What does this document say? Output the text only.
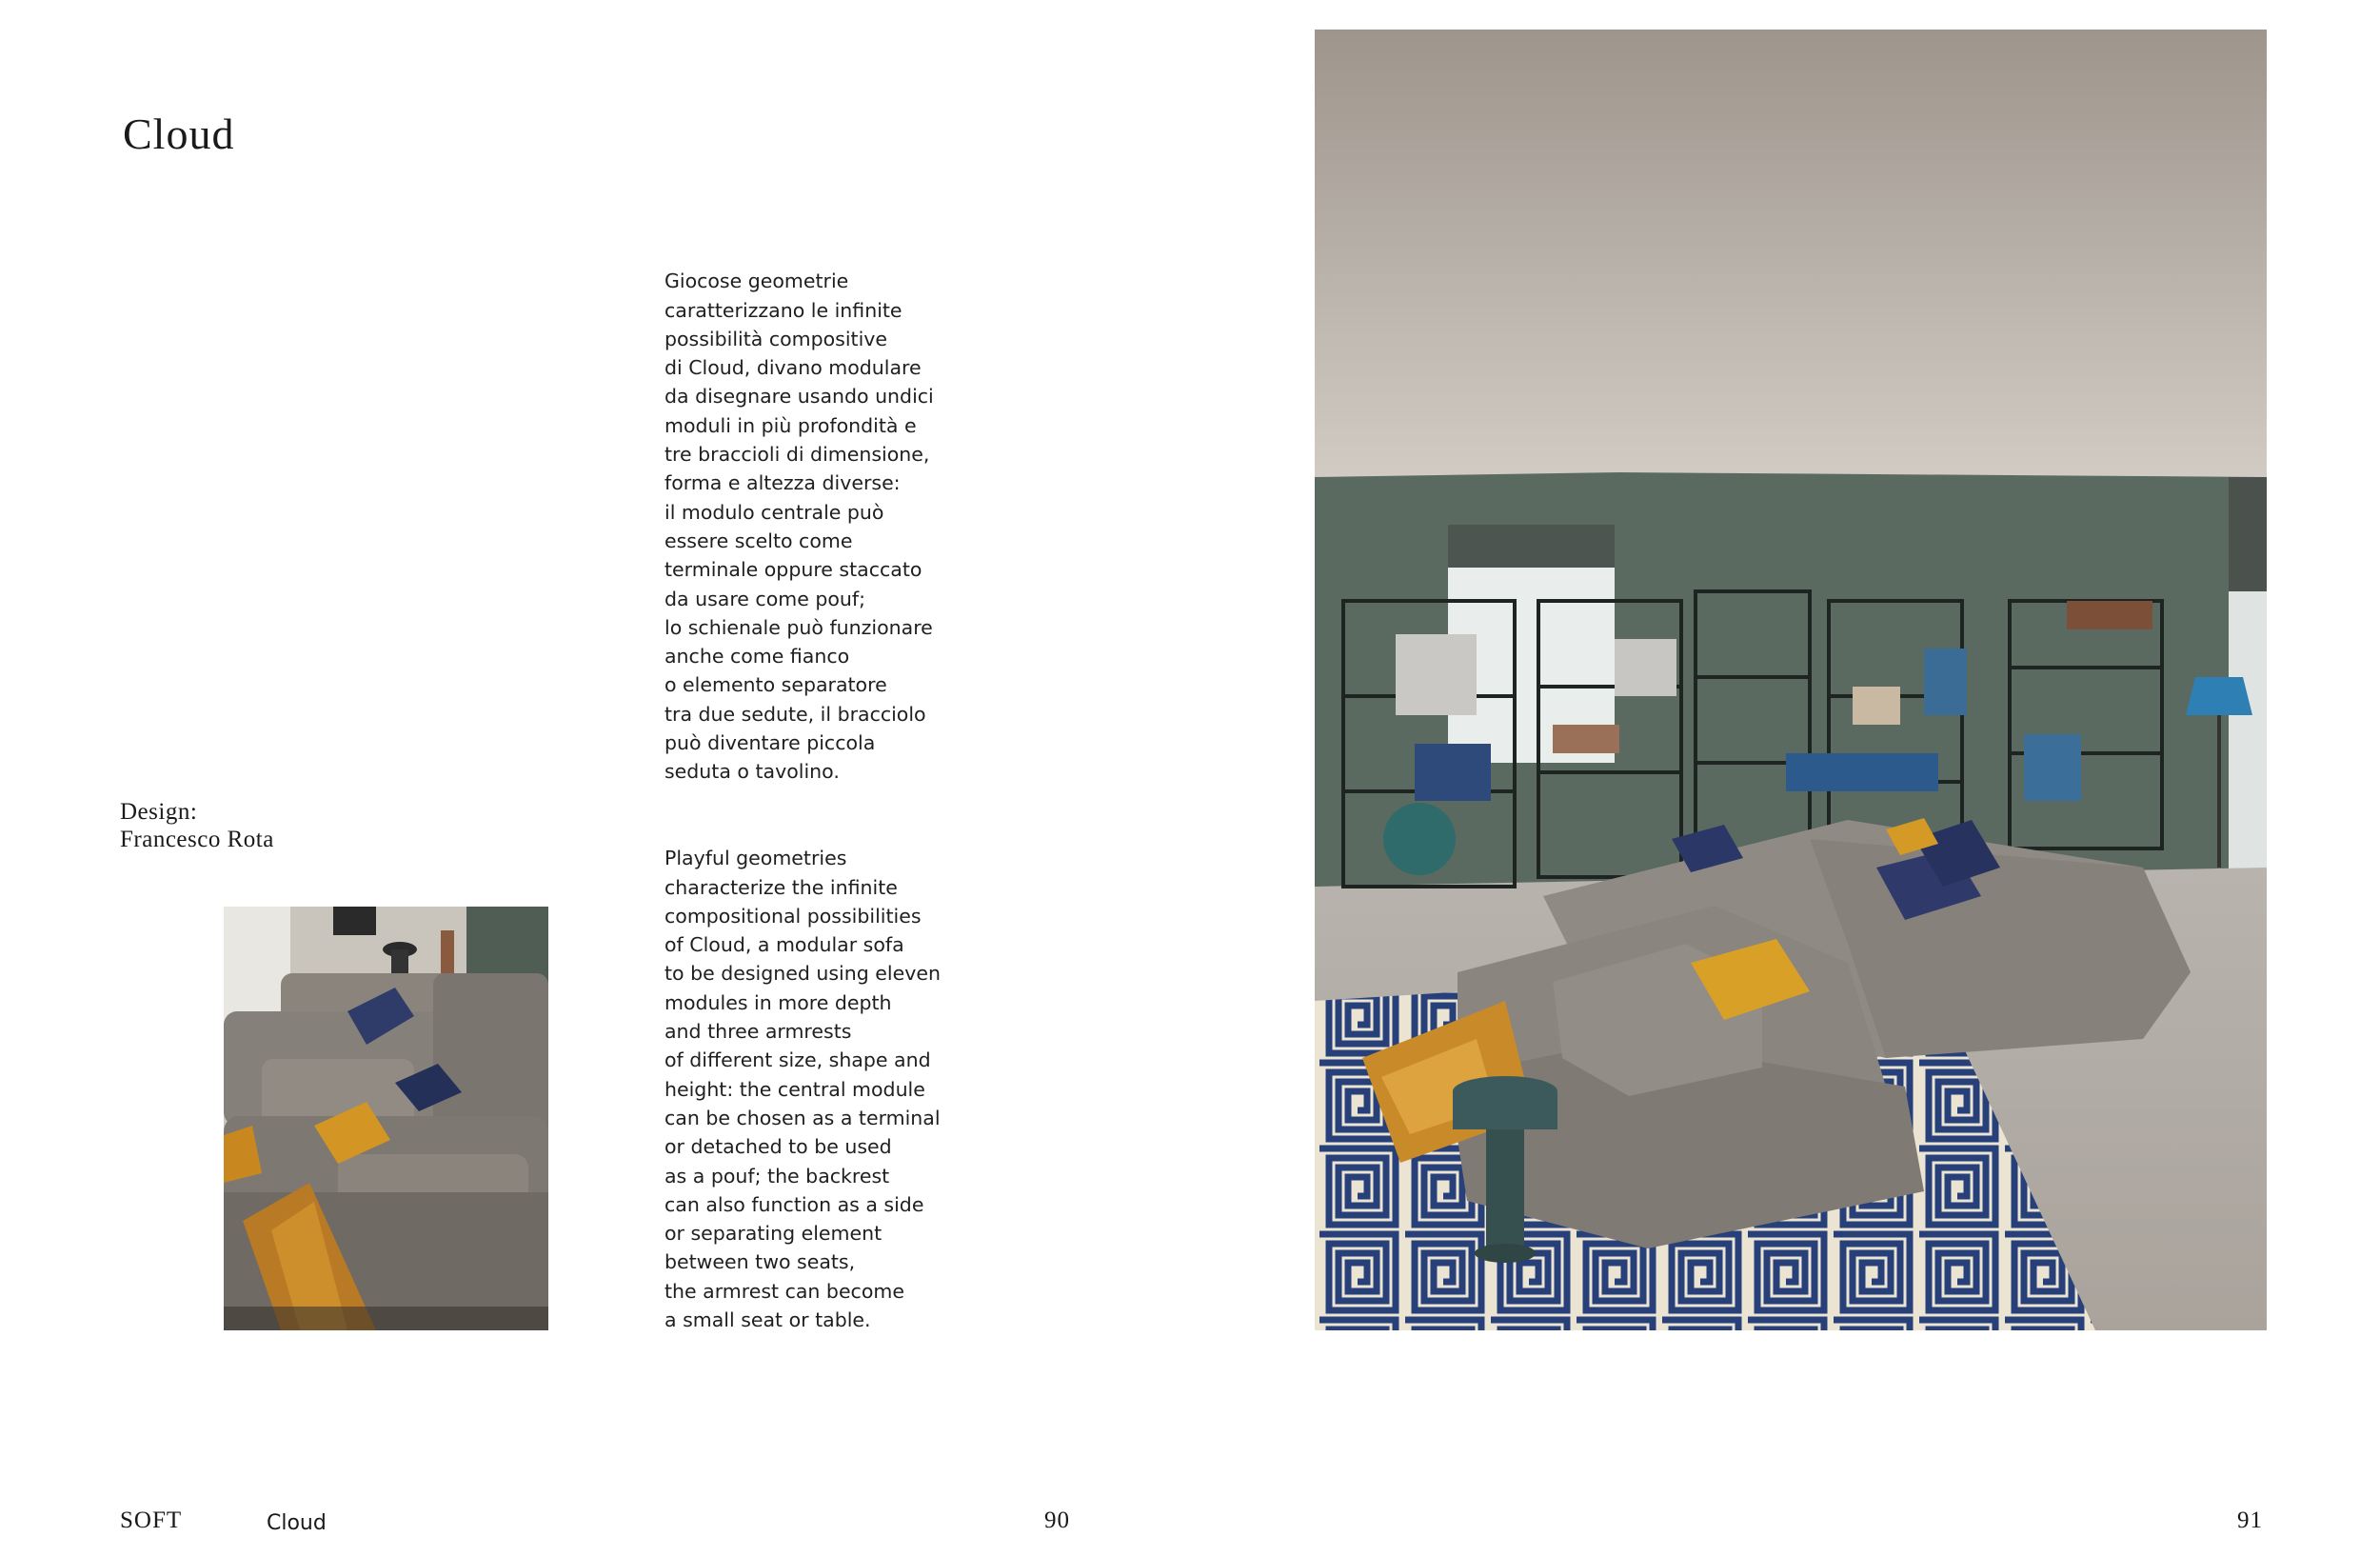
Cloud
Design:
Francesco Rota

Giocose geometrie
caratterizzano le infinite
possibilità compositive
di Cloud, divano modulare
da disegnare usando undici
moduli in più profondità e
tre braccioli di dimensione,
forma e altezza diverse:
il modulo centrale può
essere scelto come
terminale oppure staccato
da usare come pouf;
lo schienale può funzionare
anche come fianco
o elemento separatore
tra due sedute, il bracciolo
può diventare piccola
seduta o tavolino.

Playful geometries
characterize the infinite
compositional possibilities
of Cloud, a modular sofa
to be designed using eleven
modules in more depth
and three armrests
of different size, shape and
height: the central module
can be chosen as a terminal
or detached to be used
as a pouf; the backrest
can also function as a side
or separating element
between two seats,
the armrest can become
a small seat or table.

SOFT	Cloud	90	91
